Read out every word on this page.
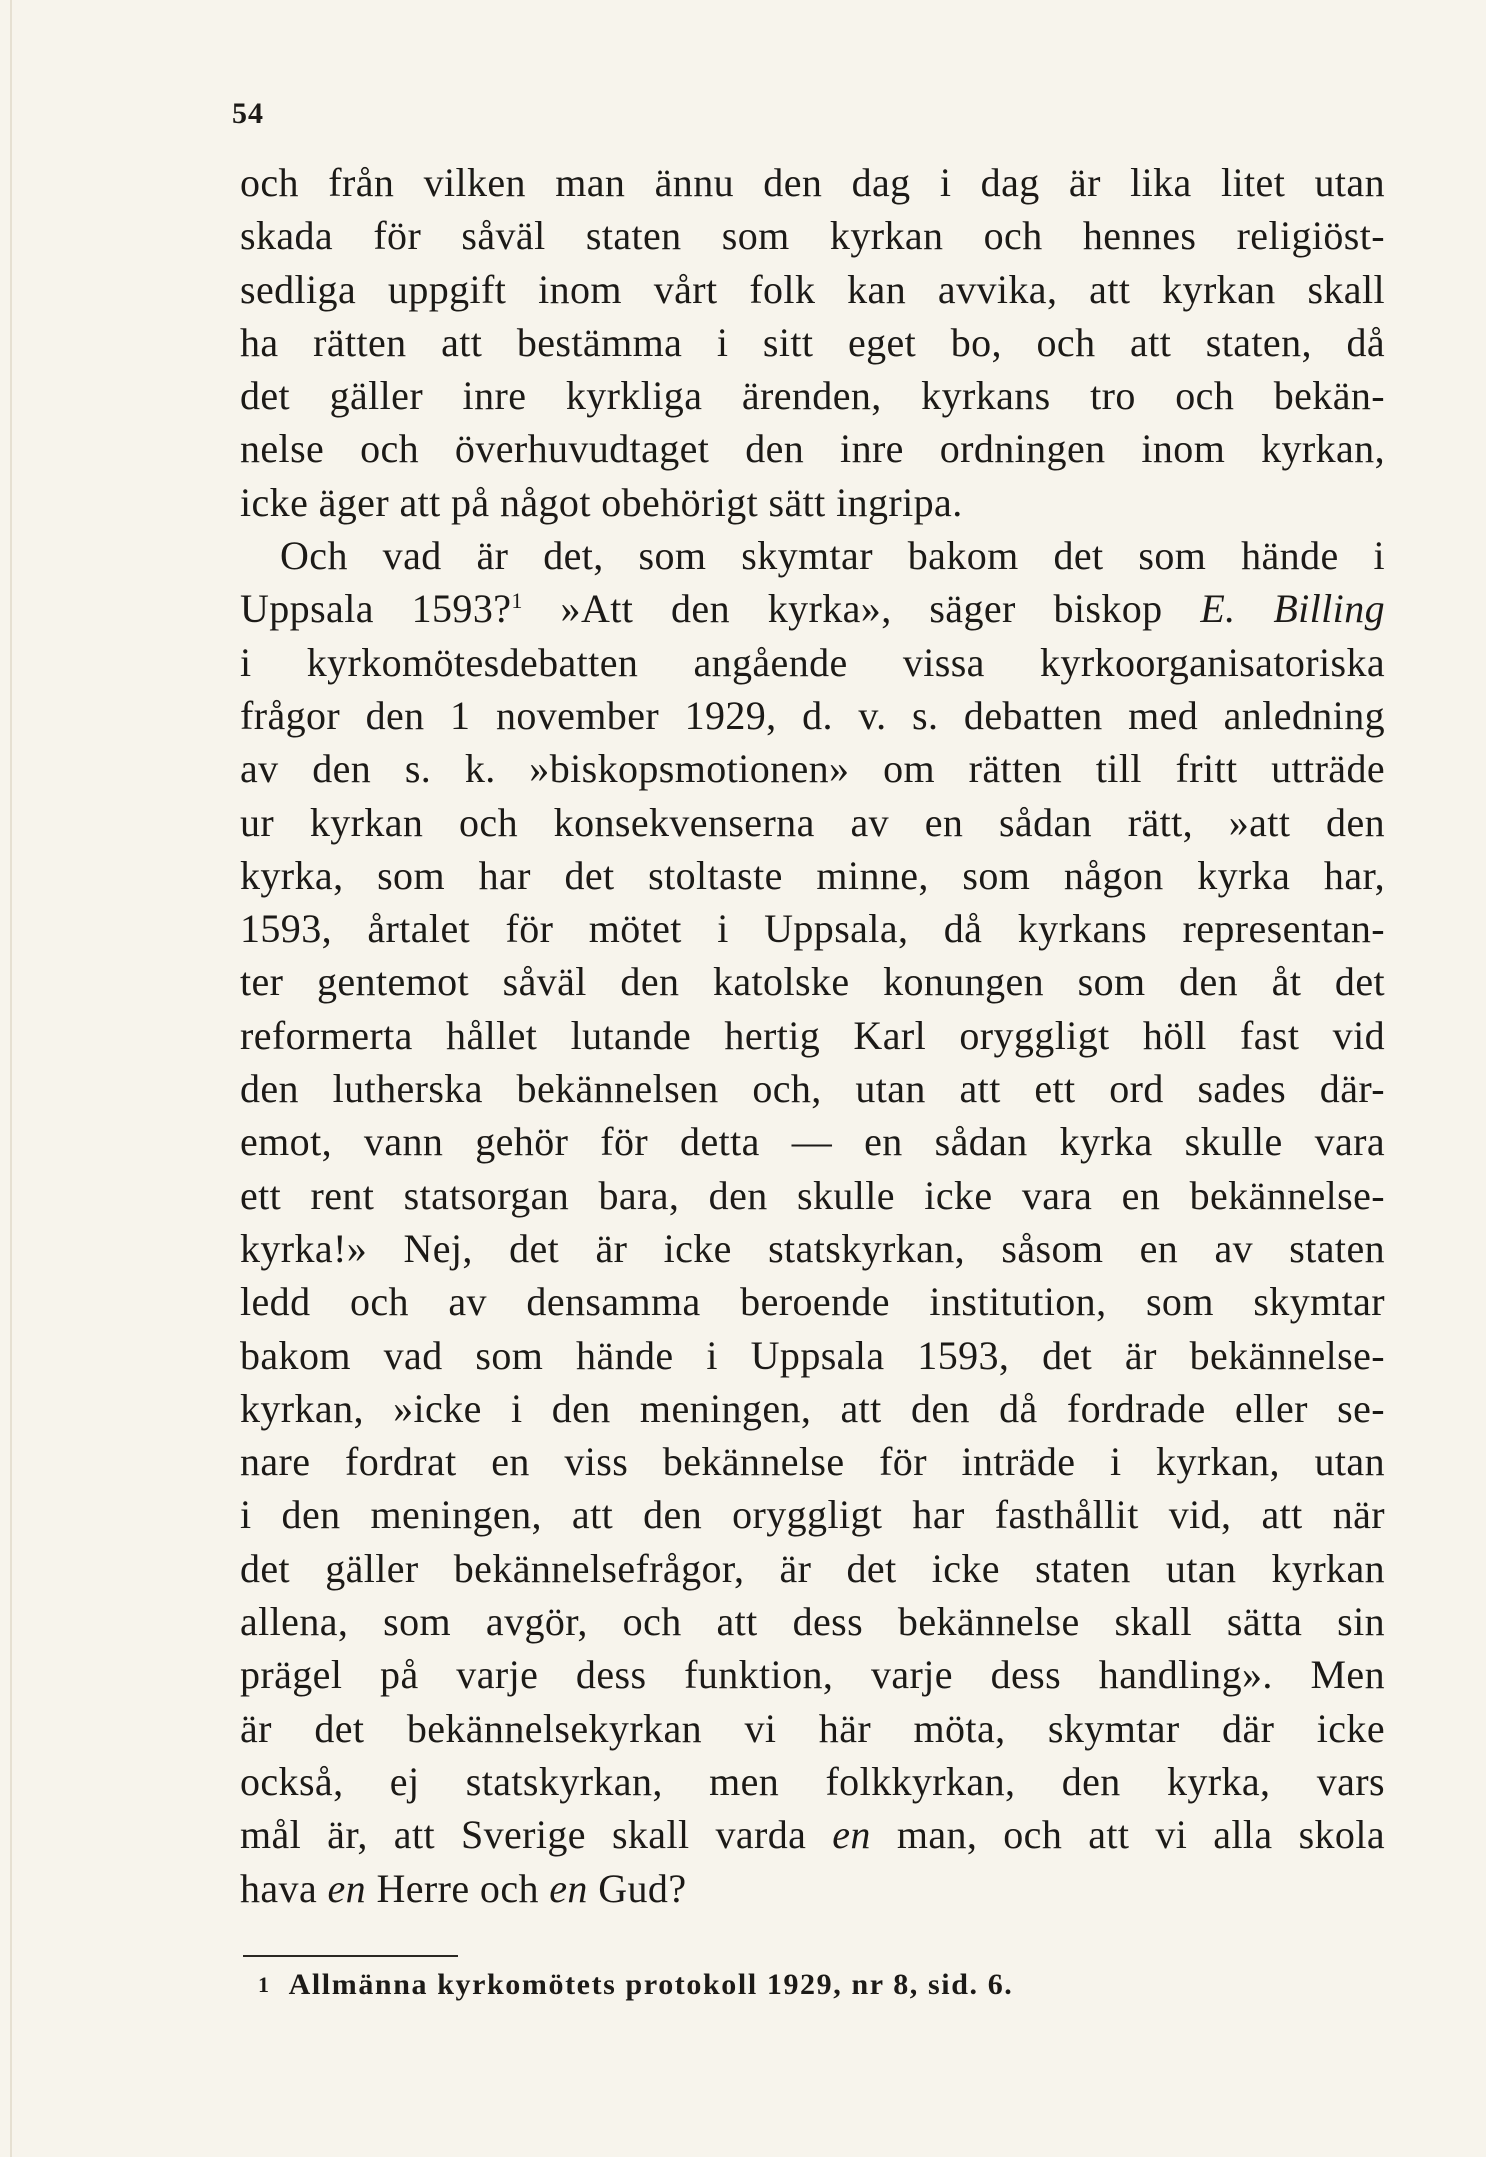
54
och från vilken man ännu den dag i dag är lika litet utan
skada för såväl staten som kyrkan och hennes religiöst-
sedliga uppgift inom vårt folk kan avvika, att kyrkan skall
ha rätten att bestämma i sitt eget bo, och att staten, då
det gäller inre kyrkliga ärenden, kyrkans tro och bekän-
nelse och överhuvudtaget den inre ordningen inom kyrkan,
icke äger att på något obehörigt sätt ingripa.
Och vad är det, som skymtar bakom det som hände i
Uppsala 1593?$^1$ »Att den kyrka», säger biskop E. Billing
i kyrkomötesdebatten angående vissa kyrkoorganisatoriska
frågor den 1 november 1929, d. v. s. debatten med anledning
av den s. k. »biskopsmotionen» om rätten till fritt utträde
ur kyrkan och konsekvenserna av en sådan rätt, »att den
kyrka, som har det stoltaste minne, som någon kyrka har,
1593, årtalet för mötet i Uppsala, då kyrkans representan-
ter gentemot såväl den katolske konungen som den åt det
reformerta hållet lutande hertig Karl oryggligt höll fast vid
den lutherska bekännelsen och, utan att ett ord sades där-
emot, vann gehör för detta — en sådan kyrka skulle vara
ett rent statsorgan bara, den skulle icke vara en bekännelse-
kyrka!» Nej, det är icke statskyrkan, såsom en av staten
ledd och av densamma beroende institution, som skymtar
bakom vad som hände i Uppsala 1593, det är bekännelse-
kyrkan, »icke i den meningen, att den då fordrade eller se-
nare fordrat en viss bekännelse för inträde i kyrkan, utan
i den meningen, att den oryggligt har fasthållit vid, att när
det gäller bekännelsefrågor, är det icke staten utan kyrkan
allena, som avgör, och att dess bekännelse skall sätta sin
prägel på varje dess funktion, varje dess handling». Men
är det bekännelsekyrkan vi här möta, skymtar där icke
också, ej statskyrkan, men folkkyrkan, den kyrka, vars
mål är, att Sverige skall varda en man, och att vi alla skola
hava en Herre och en Gud?
$^1$ Allmänna kyrkomötets protokoll 1929, nr 8, sid. 6.
